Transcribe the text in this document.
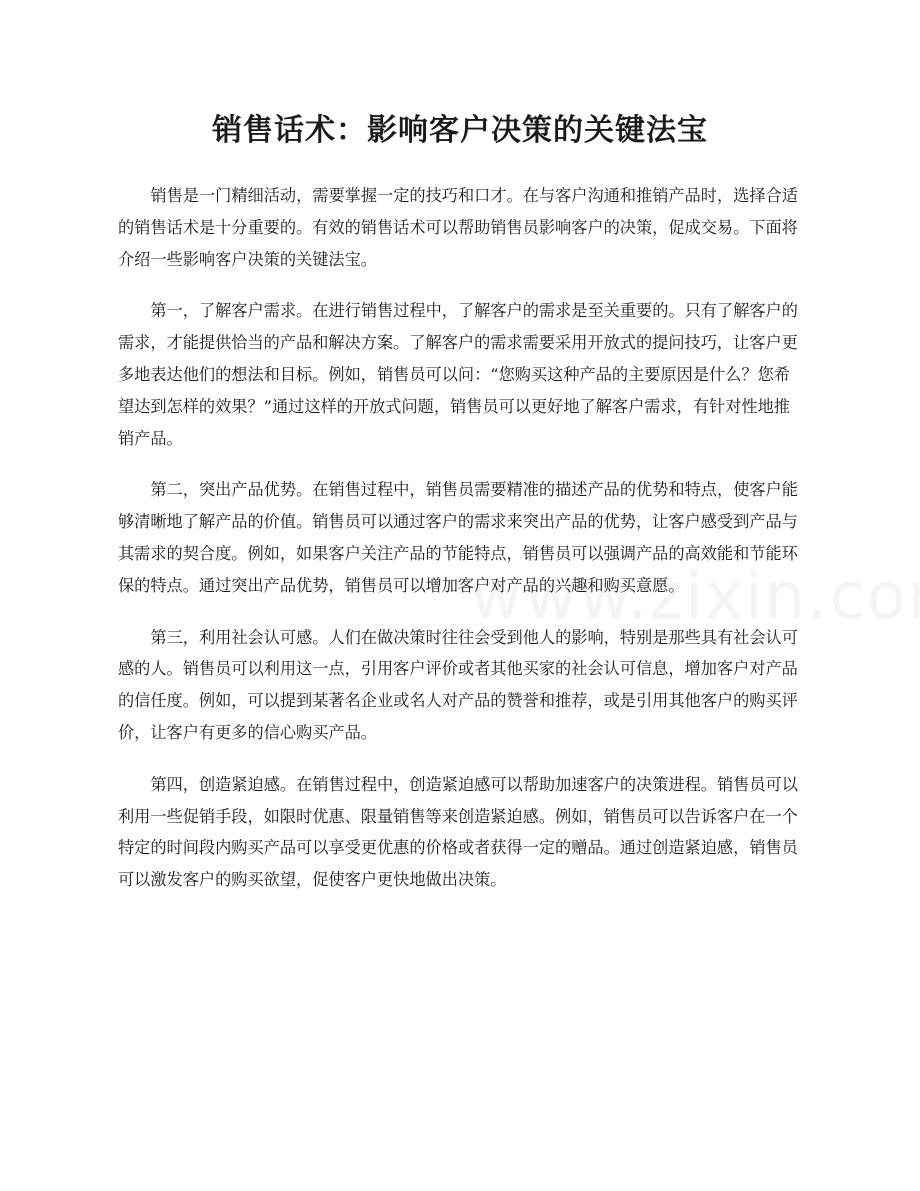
销售话术：影响客户决策的关键法宝

销售是一门精细活动，需要掌握一定的技巧和口才。在与客户沟通和推销产品时，选择合适的销售话术是十分重要的。有效的销售话术可以帮助销售员影响客户的决策，促成交易。下面将介绍一些影响客户决策的关键法宝。

第一，了解客户需求。在进行销售过程中，了解客户的需求是至关重要的。只有了解客户的需求，才能提供恰当的产品和解决方案。了解客户的需求需要采用开放式的提问技巧，让客户更多地表达他们的想法和目标。例如，销售员可以问：“您购买这种产品的主要原因是什么？您希望达到怎样的效果？”通过这样的开放式问题，销售员可以更好地了解客户需求，有针对性地推销产品。

第二，突出产品优势。在销售过程中，销售员需要精准的描述产品的优势和特点，使客户能够清晰地了解产品的价值。销售员可以通过客户的需求来突出产品的优势，让客户感受到产品与其需求的契合度。例如，如果客户关注产品的节能特点，销售员可以强调产品的高效能和节能环保的特点。通过突出产品优势，销售员可以增加客户对产品的兴趣和购买意愿。

第三，利用社会认可感。人们在做决策时往往会受到他人的影响，特别是那些具有社会认可感的人。销售员可以利用这一点，引用客户评价或者其他买家的社会认可信息，增加客户对产品的信任度。例如，可以提到某著名企业或名人对产品的赞誉和推荐，或是引用其他客户的购买评价，让客户有更多的信心购买产品。

第四，创造紧迫感。在销售过程中，创造紧迫感可以帮助加速客户的决策进程。销售员可以利用一些促销手段，如限时优惠、限量销售等来创造紧迫感。例如，销售员可以告诉客户在一个特定的时间段内购买产品可以享受更优惠的价格或者获得一定的赠品。通过创造紧迫感，销售员可以激发客户的购买欲望，促使客户更快地做出决策。
